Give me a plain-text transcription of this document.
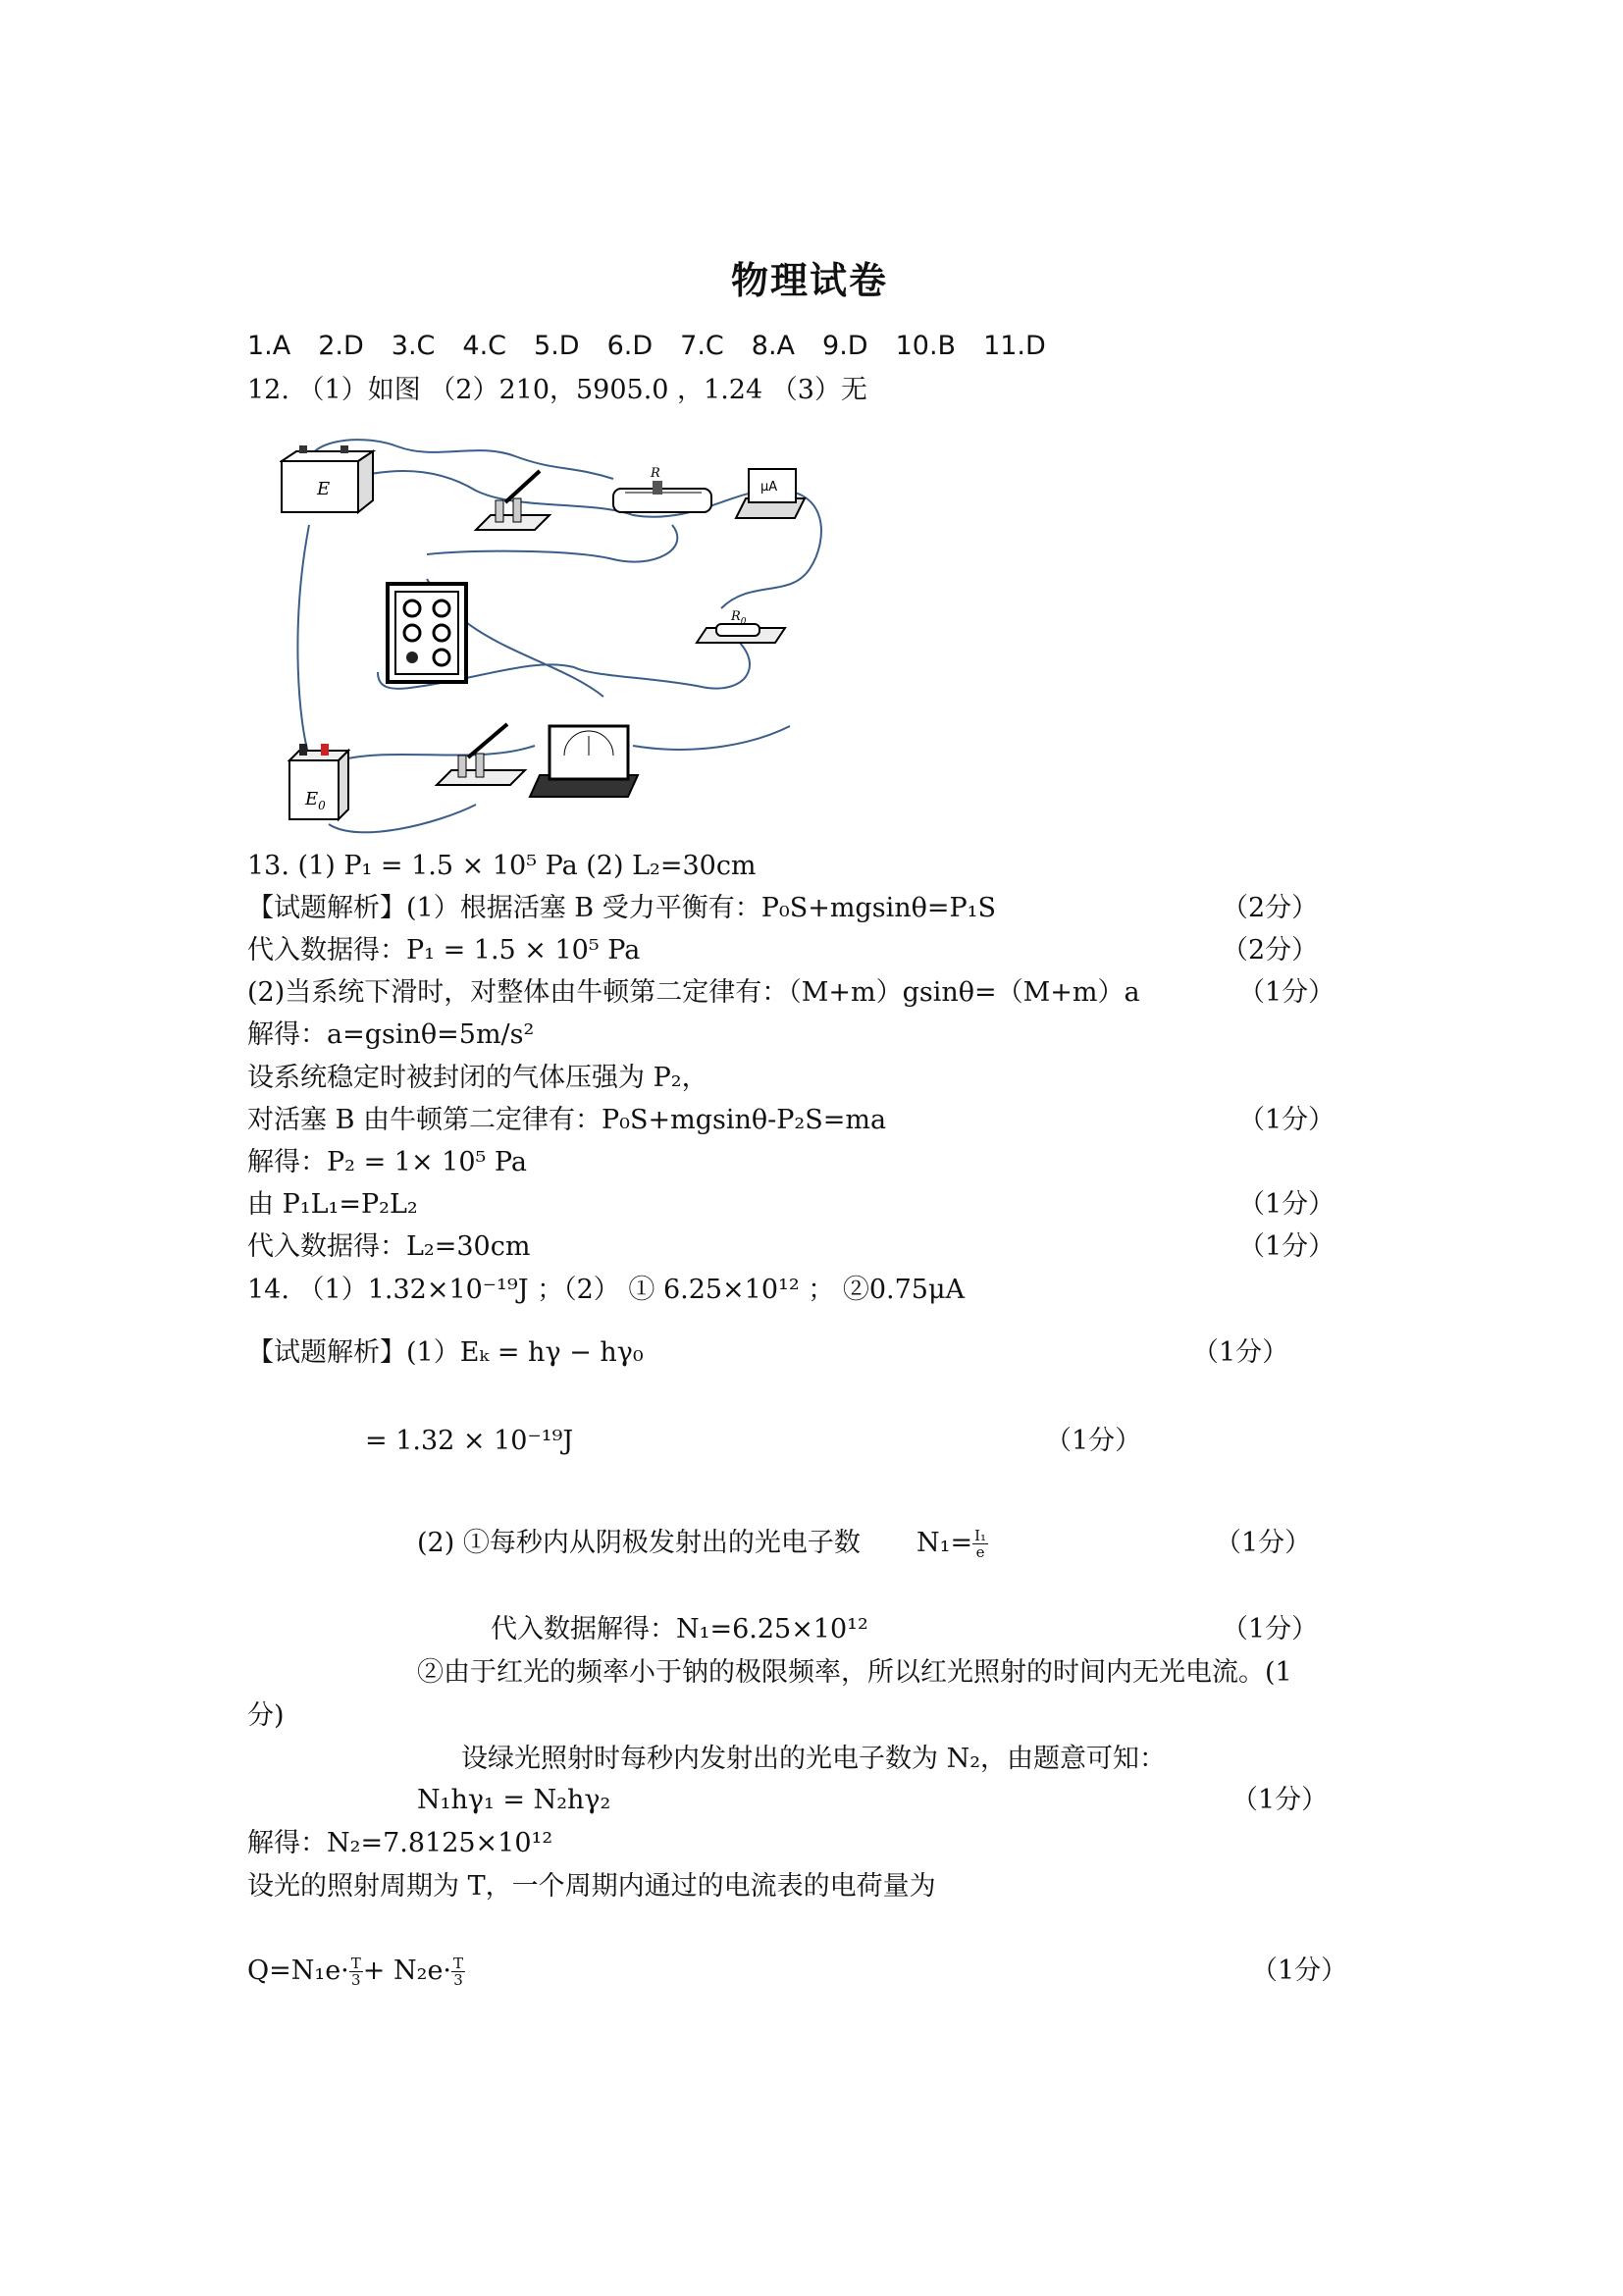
物理试卷
1.A 2.D 3.C 4.C 5.D 6.D 7.C 8.A 9.D 10.B 11.D
12. （1）如图 （2）210，5905.0 ，1.24 （3）无
E
R
μA
$R_0$
$E_0$
13. (1) P₁ = 1.5 × 10⁵ Pa (2) L₂=30cm
【试题解析】(1）根据活塞 B 受力平衡有：P₀S+mgsinθ=P₁S	（2分）
代入数据得：P₁ = 1.5 × 10⁵ Pa	（2分）
(2)当系统下滑时，对整体由牛顿第二定律有：（M+m）gsinθ=（M+m）a	（1分）
解得：a=gsinθ=5m/s²
设系统稳定时被封闭的气体压强为 P₂，
对活塞 B 由牛顿第二定律有：P₀S+mgsinθ-P₂S=ma	（1分）
解得：P₂ = 1× 10⁵ Pa
由 P₁L₁=P₂L₂	（1分）
代入数据得：L₂=30cm	（1分）
14. （1）1.32×10⁻¹⁹J ；（2） ① 6.25×10¹² ； ②0.75μA
【试题解析】(1）Eₖ = hγ − hγ₀	（1分）
= 1.32 × 10⁻¹⁹J	（1分）
(2) ①每秒内从阴极发射出的光电子数 $N_1= \frac{\text{I₁}}{e}$	（1分）
代入数据解得：N₁=6.25×10¹²	（1分）
②由于红光的频率小于钠的极限频率，所以红光照射的时间内无光电流。(1
分)
设绿光照射时每秒内发射出的光电子数为 N₂，由题意可知：
N₁hγ₁ = N₂hγ₂	（1分）
解得：N₂=7.8125×10¹²
设光的照射周期为 T，一个周期内通过的电流表的电荷量为
$Q=N_1e\cdot \frac{T}{3} + N_2e\cdot \frac{T}{3}$	（1分）
